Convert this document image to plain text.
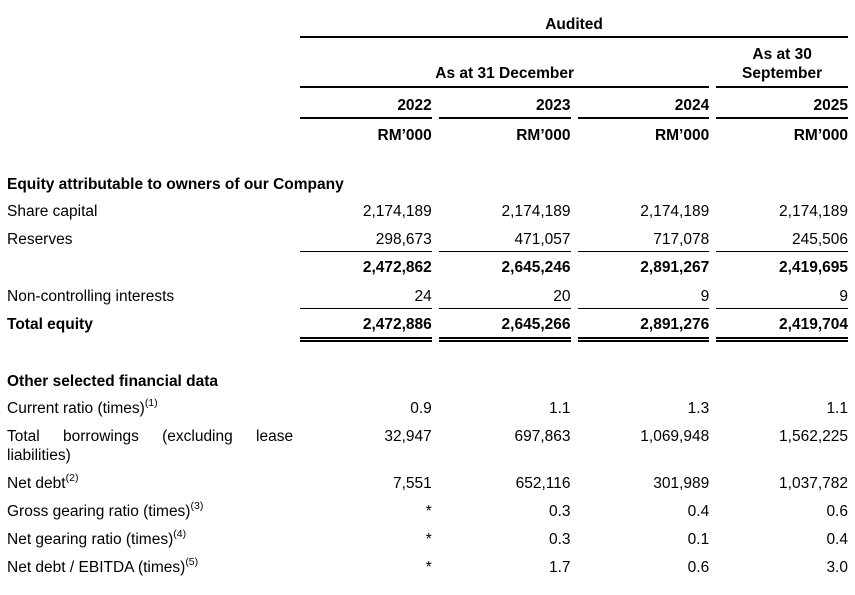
	Audited			
	As at 31 December			As at 30 September
	2022	2023	2024	2025
	RM’000	RM’000	RM’000	RM’000

Equity attributable to owners of our Company				
Share capital	2,174,189	2,174,189	2,174,189	2,174,189
Reserves	298,673	471,057	717,078	245,506
	2,472,862	2,645,246	2,891,267	2,419,695
Non-controlling interests	24	20	9	9
Total equity	2,472,886	2,645,266	2,891,276	2,419,704

Other selected financial data				
Current ratio (times)$^{(1)}$	0.9	1.1	1.3	1.1
Total borrowings (excluding lease liabilities)	32,947	697,863	1,069,948	1,562,225
Net debt$^{(2)}$	7,551	652,116	301,989	1,037,782
Gross gearing ratio (times)$^{(3)}$	*	0.3	0.4	0.6
Net gearing ratio (times)$^{(4)}$	*	0.3	0.1	0.4
Net debt / EBITDA (times)$^{(5)}$	*	1.7	0.6	3.0
